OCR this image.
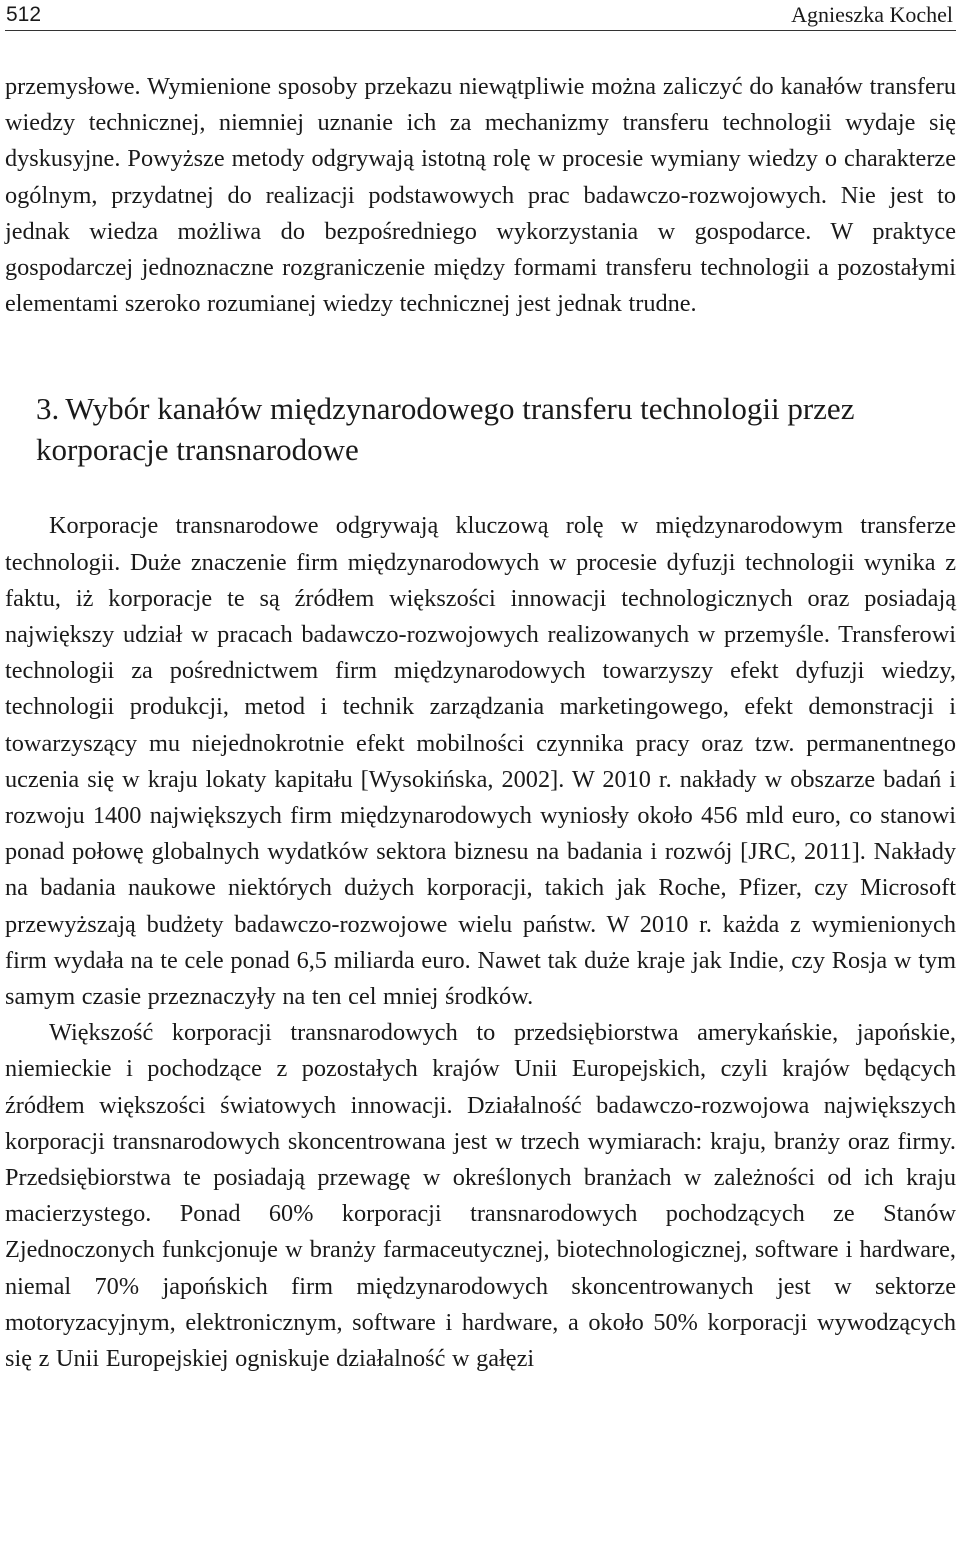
512	Agnieszka Kochel

przemysłowe. Wymienione sposoby przekazu niewątpliwie można zaliczyć do kanałów transferu wiedzy technicznej, niemniej uznanie ich za mechanizmy transferu technologii wydaje się dyskusyjne. Powyższe metody odgrywają istotną rolę w procesie wymiany wiedzy o charakterze ogólnym, przydatnej do realizacji podstawowych prac badawczo-rozwojowych. Nie jest to jednak wiedza możliwa do bezpośredniego wykorzystania w gospodarce. W praktyce gospodarczej jednoznaczne rozgraniczenie między formami transferu technologii a pozostałymi elementami szeroko rozumianej wiedzy technicznej jest jednak trudne.

3. Wybór kanałów międzynarodowego transferu technologii przez korporacje transnarodowe

Korporacje transnarodowe odgrywają kluczową rolę w międzynarodowym transferze technologii. Duże znaczenie firm międzynarodowych w procesie dyfuzji technologii wynika z faktu, iż korporacje te są źródłem większości innowacji technologicznych oraz posiadają największy udział w pracach badawczo-rozwojowych realizowanych w przemyśle. Transferowi technologii za pośrednictwem firm międzynarodowych towarzyszy efekt dyfuzji wiedzy, technologii produkcji, metod i technik zarządzania marketingowego, efekt demonstracji i towarzyszący mu niejednokrotnie efekt mobilności czynnika pracy oraz tzw. permanentnego uczenia się w kraju lokaty kapitału [Wysokińska, 2002]. W 2010 r. nakłady w obszarze badań i rozwoju 1400 największych firm międzynarodowych wyniosły około 456 mld euro, co stanowi ponad połowę globalnych wydatków sektora biznesu na badania i rozwój [JRC, 2011]. Nakłady na badania naukowe niektórych dużych korporacji, takich jak Roche, Pfizer, czy Microsoft przewyższają budżety badawczo-rozwojowe wielu państw. W 2010 r. każda z wymienionych firm wydała na te cele ponad 6,5 miliarda euro. Nawet tak duże kraje jak Indie, czy Rosja w tym samym czasie przeznaczyły na ten cel mniej środków.

Większość korporacji transnarodowych to przedsiębiorstwa amerykańskie, japońskie, niemieckie i pochodzące z pozostałych krajów Unii Europejskich, czyli krajów będących źródłem większości światowych innowacji. Działalność badawczo-rozwojowa największych korporacji transnarodowych skoncentrowana jest w trzech wymiarach: kraju, branży oraz firmy. Przedsiębiorstwa te posiadają przewagę w określonych branżach w zależności od ich kraju macierzystego. Ponad 60% korporacji transnarodowych pochodzących ze Stanów Zjednoczonych funkcjonuje w branży farmaceutycznej, biotechnologicznej, software i hardware, niemal 70% japońskich firm międzynarodowych skoncentrowanych jest w sektorze motoryzacyjnym, elektronicznym, software i hardware, a około 50% korporacji wywodzących się z Unii Europejskiej ogniskuje działalność w gałęzi
